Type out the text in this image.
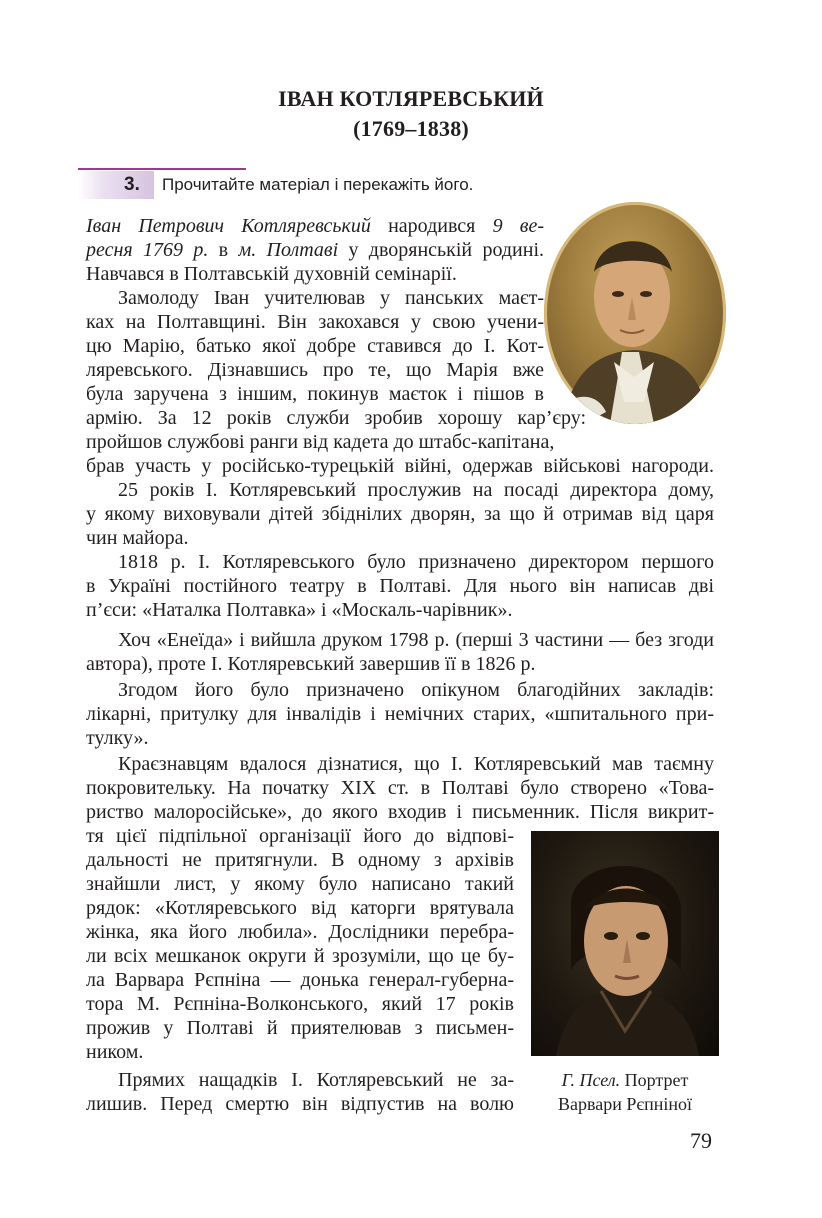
ІВАН КОТЛЯРЕВСЬКИЙ
(1769–1838)
3. Прочитайте матеріал і перекажіть його.
Іван Петрович Котляревський народився 9 ве-
ресня 1769 р. в м. Полтаві у дворянській родині.
Навчався в Полтавській духовній семінарії.
Замолоду Іван учителював у панських маєт-
ках на Полтавщині. Він закохався у свою учени-
цю Марію, батько якої добре ставився до І. Кот-
ляревського. Дізнавшись про те, що Марія вже
була заручена з іншим, покинув маєток і пішов в
армію. За 12 років служби зробив хорошу кар’єру:
пройшов службові ранги від кадета до штабс-капітана,
брав участь у російсько-турецькій війні, одержав військові нагороди.
25 років І. Котляревський прослужив на посаді директора дому,
у якому виховували дітей збіднілих дворян, за що й отримав від царя
чин майора.
1818 р. І. Котляревського було призначено директором першого
в Україні постійного театру в Полтаві. Для нього він написав дві
п’єси: «Наталка Полтавка» і «Москаль-чарівник».
Хоч «Енеїда» і вийшла друком 1798 р. (перші 3 частини — без згоди
автора), проте І. Котляревський завершив її в 1826 р.
Згодом його було призначено опікуном благодійних закладів:
лікарні, притулку для інвалідів і немічних старих, «шпитального при-
тулку».
Краєзнавцям вдалося дізнатися, що І. Котляревський мав таємну
покровительку. На початку XIX ст. в Полтаві було створено «Това-
риство малоросійське», до якого входив і письменник. Після викрит-
тя цієї підпільної організації його до відпові-
дальності не притягнули. В одному з архівів
знайшли лист, у якому було написано такий
рядок: «Котляревського від каторги врятувала
жінка, яка його любила». Дослідники перебра-
ли всіх мешканок округи й зрозуміли, що це бу-
ла Варвара Рєпніна — донька генерал-губерна-
тора М. Рєпніна-Волконського, який 17 років
прожив у Полтаві й приятелював з письмен-
ником.
Прямих нащадків І. Котляревський не за-
лишив. Перед смертю він відпустив на волю
Г. Псел. Портрет
Варвари Рєпніної
79
